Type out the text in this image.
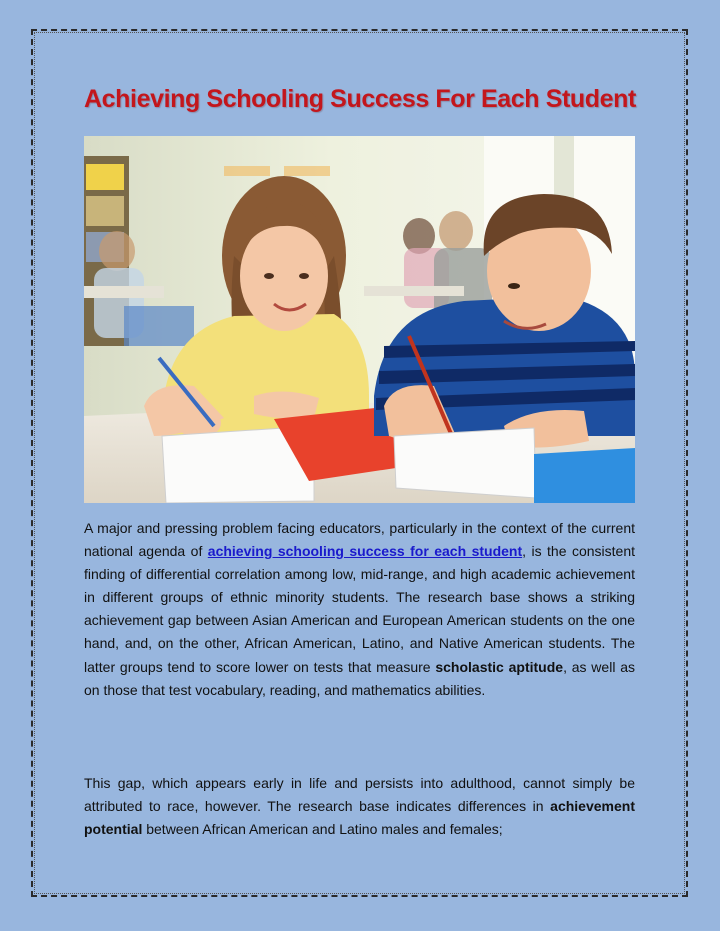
Achieving Schooling Success For Each Student

A major and pressing problem facing educators, particularly in the context of the current national agenda of achieving schooling success for each student, is the consistent finding of differential correlation among low, mid-range, and high academic achievement in different groups of ethnic minority students. The research base shows a striking achievement gap between Asian American and European American students on the one hand, and, on the other, African American, Latino, and Native American students. The latter groups tend to score lower on tests that measure scholastic aptitude, as well as on those that test vocabulary, reading, and mathematics abilities.

This gap, which appears early in life and persists into adulthood, cannot simply be attributed to race, however. The research base indicates differences in achievement potential between African American and Latino males and females;
